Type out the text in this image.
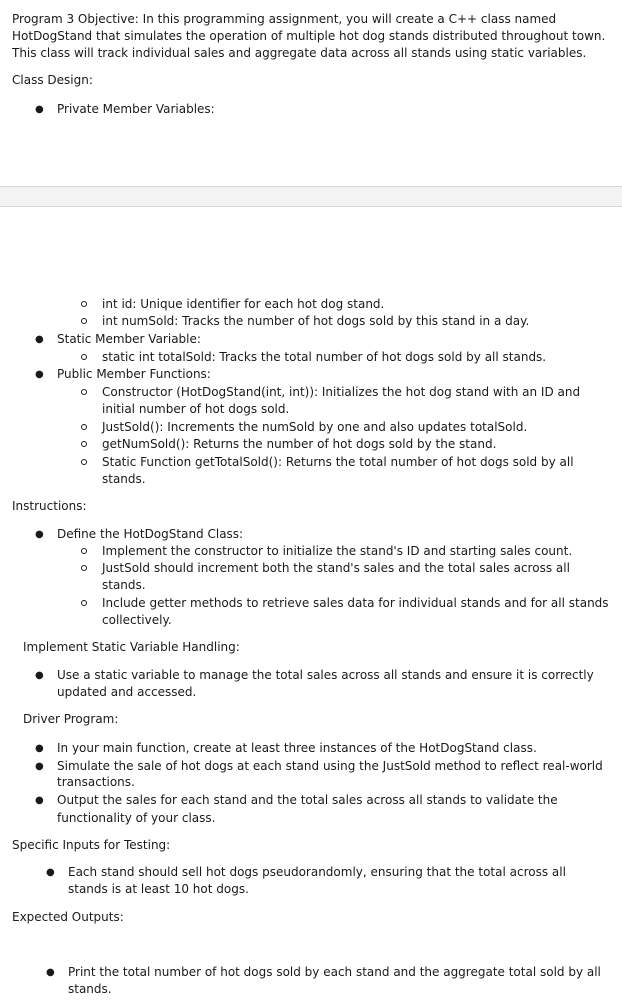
Program 3 Objective: In this programming assignment, you will create a C++ class named

HotDogStand that simulates the operation of multiple hot dog stands distributed throughout town.

This class will track individual sales and aggregate data across all stands using static variables.

Class Design:

● Private Member Variables:

int id: Unique identifier for each hot dog stand.

int numSold: Tracks the number of hot dogs sold by this stand in a day.

● Static Member Variable:

static int totalSold: Tracks the total number of hot dogs sold by all stands.

● Public Member Functions:

Constructor (HotDogStand(int, int)): Initializes the hot dog stand with an ID and

initial number of hot dogs sold.

JustSold(): Increments the numSold by one and also updates totalSold.

getNumSold(): Returns the number of hot dogs sold by the stand.

Static Function getTotalSold(): Returns the total number of hot dogs sold by all

stands.

Instructions:

● Define the HotDogStand Class:

Implement the constructor to initialize the stand's ID and starting sales count.

JustSold should increment both the stand's sales and the total sales across all

stands.

Include getter methods to retrieve sales data for individual stands and for all stands

collectively.

Implement Static Variable Handling:

● Use a static variable to manage the total sales across all stands and ensure it is correctly

updated and accessed.

Driver Program:

● In your main function, create at least three instances of the HotDogStand class.

● Simulate the sale of hot dogs at each stand using the JustSold method to reflect real-world

transactions.

● Output the sales for each stand and the total sales across all stands to validate the

functionality of your class.

Specific Inputs for Testing:

● Each stand should sell hot dogs pseudorandomly, ensuring that the total across all

stands is at least 10 hot dogs.

Expected Outputs:

● Print the total number of hot dogs sold by each stand and the aggregate total sold by all

stands.
